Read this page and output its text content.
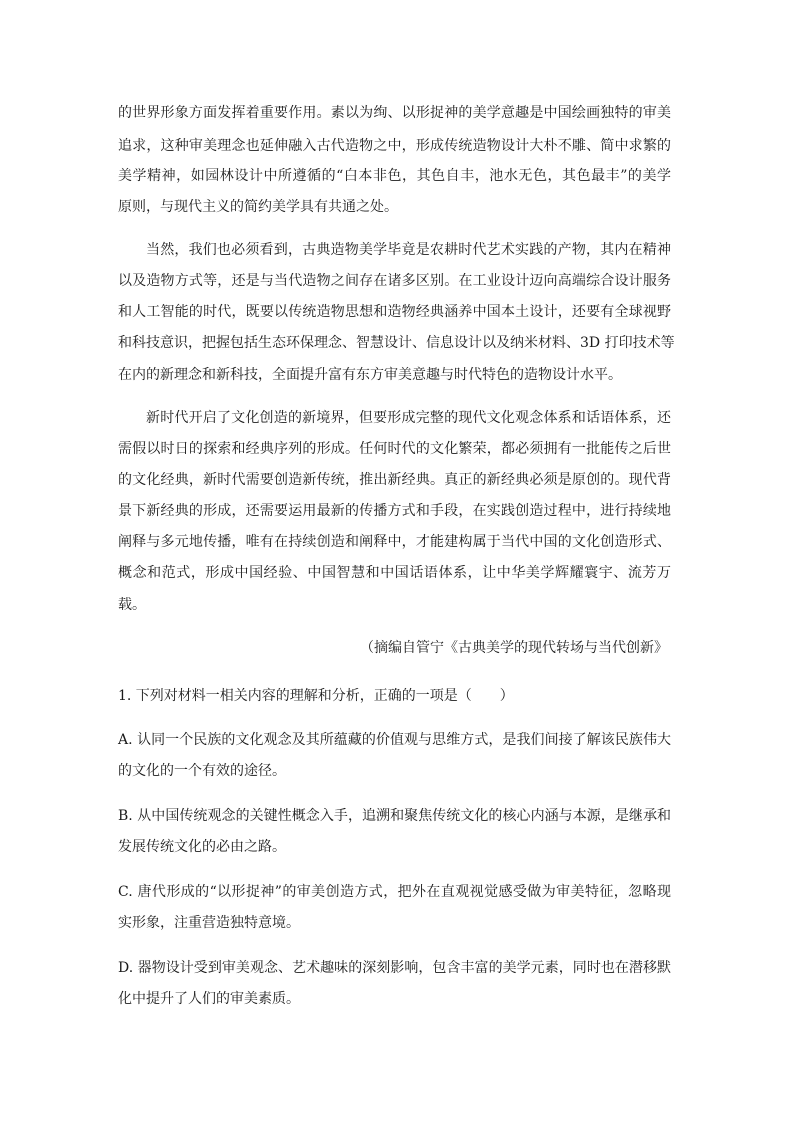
的世界形象方面发挥着重要作用。素以为绚、以形捉神的美学意趣是中国绘画独特的审美
追求，这种审美理念也延伸融入古代造物之中，形成传统造物设计大朴不雕、简中求繁的
美学精神，如园林设计中所遵循的“白本非色，其色自丰，池水无色，其色最丰”的美学
原则，与现代主义的简约美学具有共通之处。
当然，我们也必须看到，古典造物美学毕竟是农耕时代艺术实践的产物，其内在精神
以及造物方式等，还是与当代造物之间存在诸多区别。在工业设计迈向高端综合设计服务
和人工智能的时代，既要以传统造物思想和造物经典涵养中国本土设计，还要有全球视野
和科技意识，把握包括生态环保理念、智慧设计、信息设计以及纳米材料、3D 打印技术等
在内的新理念和新科技，全面提升富有东方审美意趣与时代特色的造物设计水平。
新时代开启了文化创造的新境界，但要形成完整的现代文化观念体系和话语体系，还
需假以时日的探索和经典序列的形成。任何时代的文化繁荣，都必须拥有一批能传之后世
的文化经典，新时代需要创造新传统，推出新经典。真正的新经典必须是原创的。现代背
景下新经典的形成，还需要运用最新的传播方式和手段，在实践创造过程中，进行持续地
阐释与多元地传播，唯有在持续创造和阐释中，才能建构属于当代中国的文化创造形式、
概念和范式，形成中国经验、中国智慧和中国话语体系，让中华美学辉耀寰宇、流芳万
载。
（摘编自管宁《古典美学的现代转场与当代创新》
1. 下列对材料一相关内容的理解和分析，正确的一项是（　　）
A. 认同一个民族的文化观念及其所蕴藏的价值观与思维方式，是我们间接了解该民族伟大
的文化的一个有效的途径。
B. 从中国传统观念的关键性概念入手，追溯和聚焦传统文化的核心内涵与本源，是继承和
发展传统文化的必由之路。
C. 唐代形成的“以形捉神”的审美创造方式，把外在直观视觉感受做为审美特征，忽略现
实形象，注重营造独特意境。
D. 器物设计受到审美观念、艺术趣味的深刻影响，包含丰富的美学元素，同时也在潜移默
化中提升了人们的审美素质。
